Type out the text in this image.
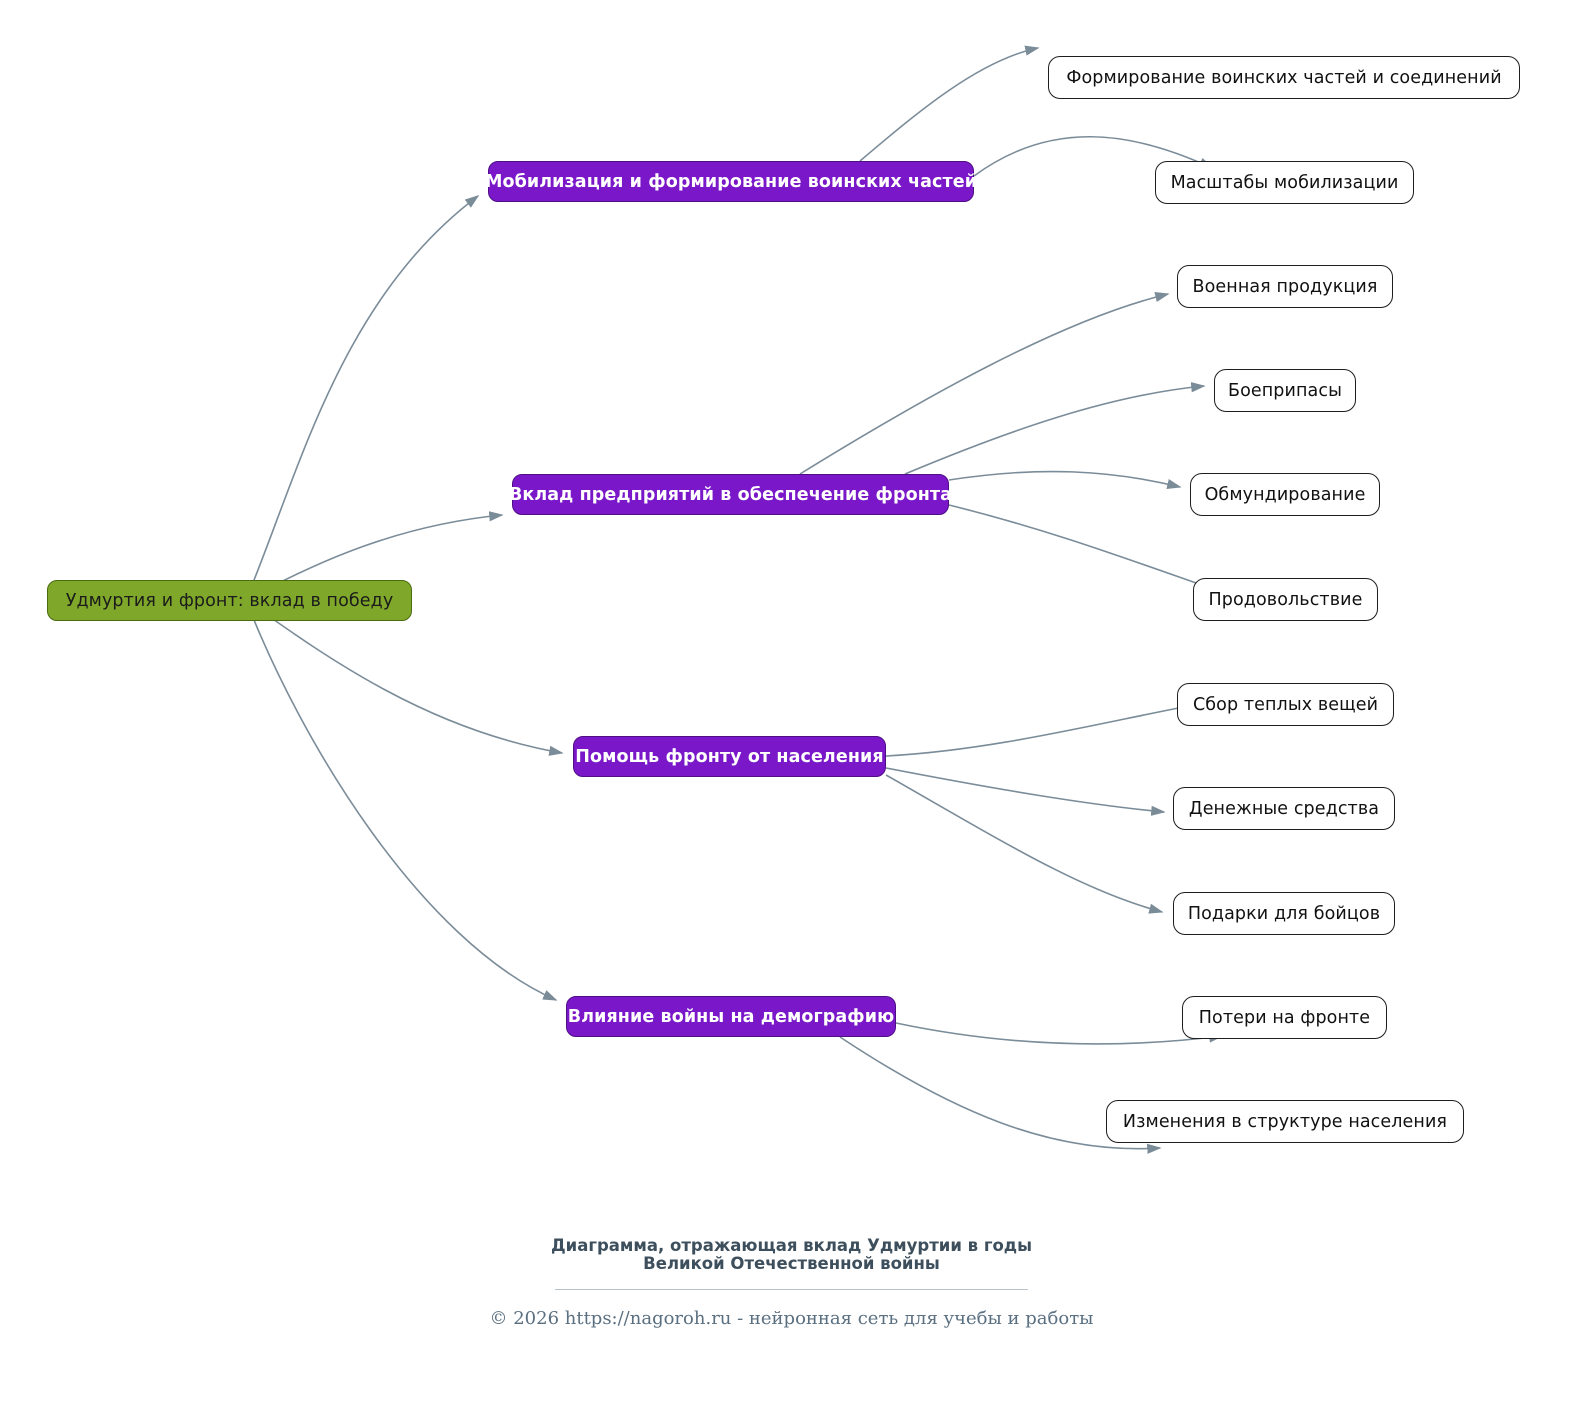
Удмуртия и фронт: вклад в победу
Мобилизация и формирование воинских частей
Формирование воинских частей и соединений
Масштабы мобилизации
Вклад предприятий в обеспечение фронта
Военная продукция
Боеприпасы
Обмундирование
Продовольствие
Помощь фронту от населения
Сбор теплых вещей
Денежные средства
Подарки для бойцов
Влияние войны на демографию	Потери на фронте
Изменения в структуре населения
Диаграмма, отражающая вклад Удмуртии в годы
Великой Отечественной войны
© 2026 https://nagoroh.ru - нейронная сеть для учебы и работы
